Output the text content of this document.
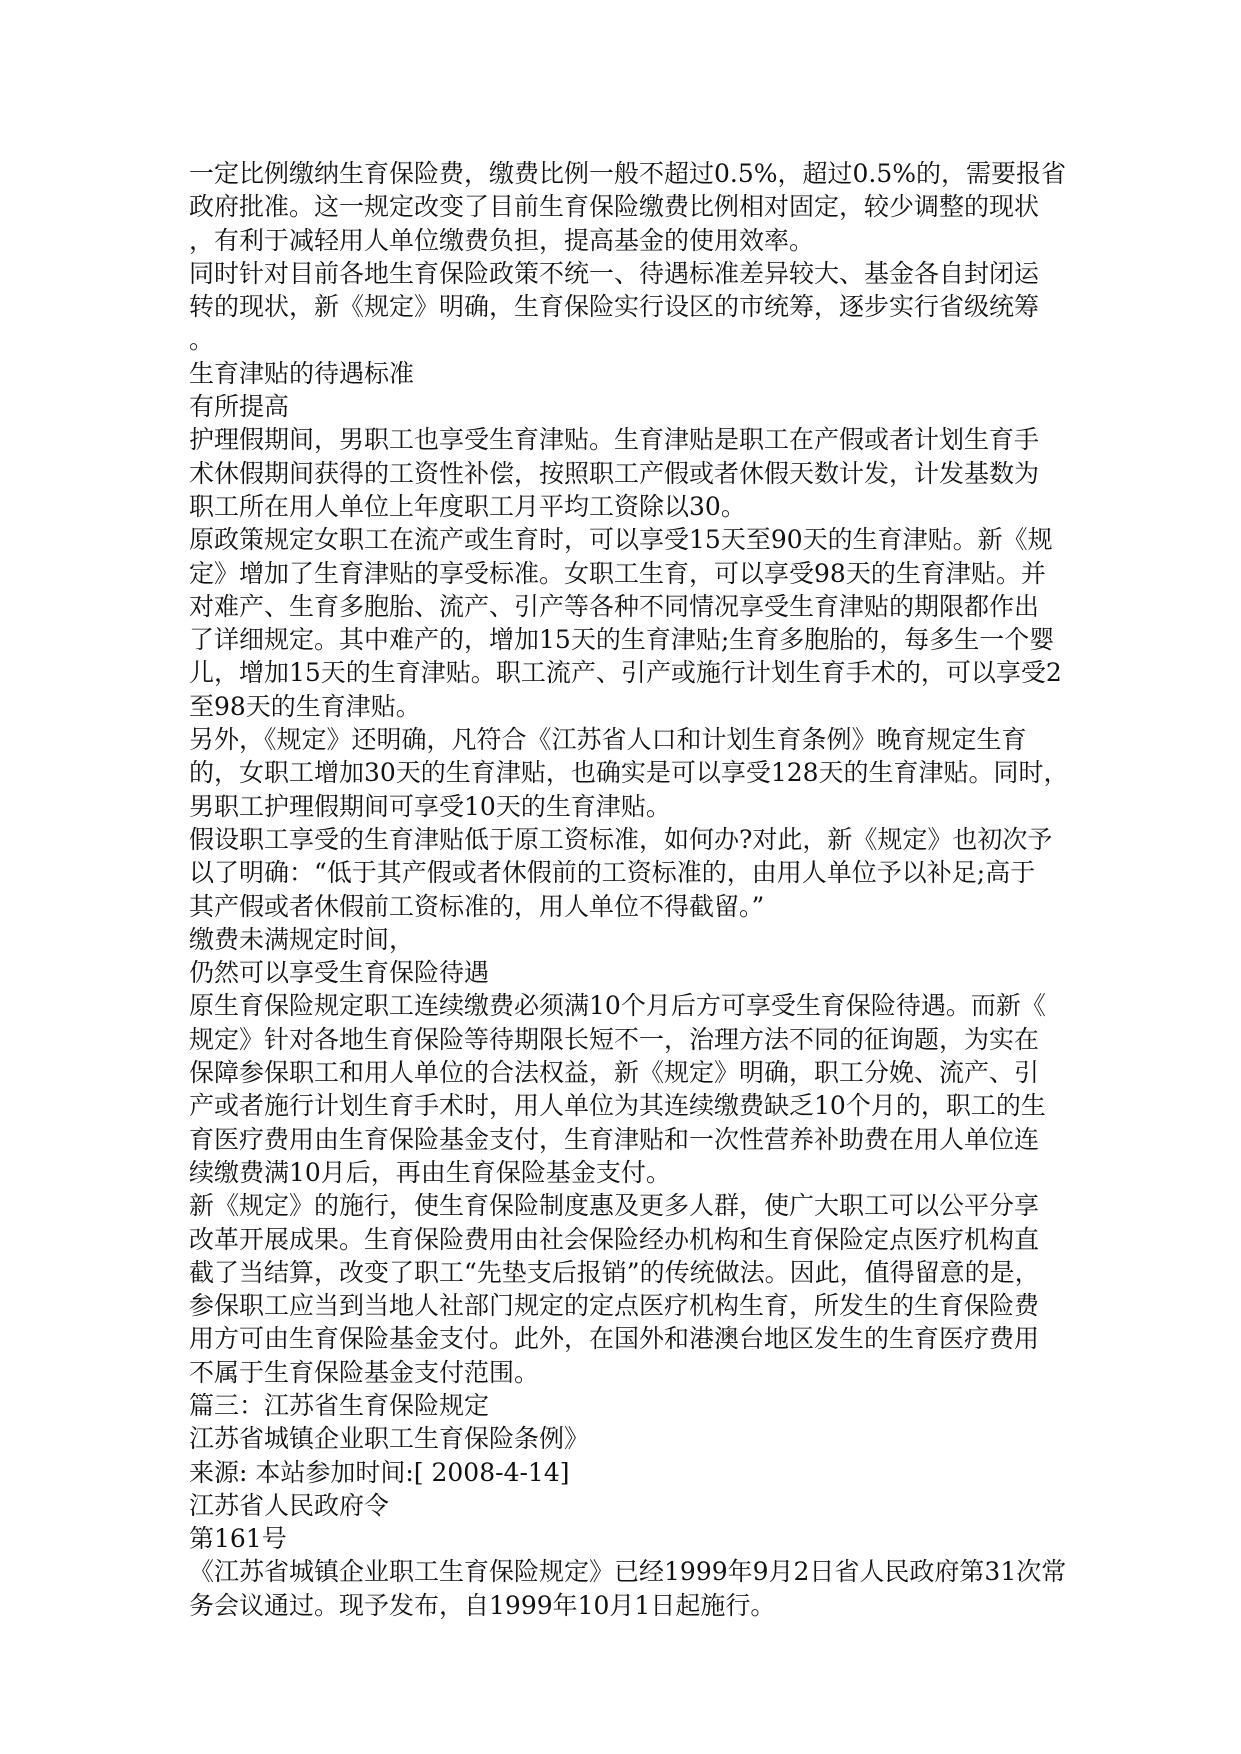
一定比例缴纳生育保险费，缴费比例一般不超过0.5%，超过0.5%的，需要报省
政府批准。这一规定改变了目前生育保险缴费比例相对固定，较少调整的现状
，有利于减轻用人单位缴费负担，提高基金的使用效率。
同时针对目前各地生育保险政策不统一、待遇标准差异较大、基金各自封闭运
转的现状，新《规定》明确，生育保险实行设区的市统筹，逐步实行省级统筹
。
生育津贴的待遇标准
有所提高
护理假期间，男职工也享受生育津贴。生育津贴是职工在产假或者计划生育手
术休假期间获得的工资性补偿，按照职工产假或者休假天数计发，计发基数为
职工所在用人单位上年度职工月平均工资除以30。
原政策规定女职工在流产或生育时，可以享受15天至90天的生育津贴。新《规
定》增加了生育津贴的享受标准。女职工生育，可以享受98天的生育津贴。并
对难产、生育多胞胎、流产、引产等各种不同情况享受生育津贴的期限都作出
了详细规定。其中难产的，增加15天的生育津贴;生育多胞胎的，每多生一个婴
儿，增加15天的生育津贴。职工流产、引产或施行计划生育手术的，可以享受2
至98天的生育津贴。
另外，《规定》还明确，凡符合《江苏省人口和计划生育条例》晚育规定生育
的，女职工增加30天的生育津贴，也确实是可以享受128天的生育津贴。同时，
男职工护理假期间可享受10天的生育津贴。
假设职工享受的生育津贴低于原工资标准，如何办?对此，新《规定》也初次予
以了明确：“低于其产假或者休假前的工资标准的，由用人单位予以补足;高于
其产假或者休假前工资标准的，用人单位不得截留。”
缴费未满规定时间，
仍然可以享受生育保险待遇
原生育保险规定职工连续缴费必须满10个月后方可享受生育保险待遇。而新《
规定》针对各地生育保险等待期限长短不一，治理方法不同的征询题，为实在
保障参保职工和用人单位的合法权益，新《规定》明确，职工分娩、流产、引
产或者施行计划生育手术时，用人单位为其连续缴费缺乏10个月的，职工的生
育医疗费用由生育保险基金支付，生育津贴和一次性营养补助费在用人单位连
续缴费满10月后，再由生育保险基金支付。
新《规定》的施行，使生育保险制度惠及更多人群，使广大职工可以公平分享
改革开展成果。生育保险费用由社会保险经办机构和生育保险定点医疗机构直
截了当结算，改变了职工“先垫支后报销”的传统做法。因此，值得留意的是，
参保职工应当到当地人社部门规定的定点医疗机构生育，所发生的生育保险费
用方可由生育保险基金支付。此外，在国外和港澳台地区发生的生育医疗费用
不属于生育保险基金支付范围。
篇三：江苏省生育保险规定
江苏省城镇企业职工生育保险条例》
来源: 本站参加时间:[ 2008-4-14]
江苏省人民政府令
第161号
《江苏省城镇企业职工生育保险规定》已经1999年9月2日省人民政府第31次常
务会议通过。现予发布，自1999年10月1日起施行。
